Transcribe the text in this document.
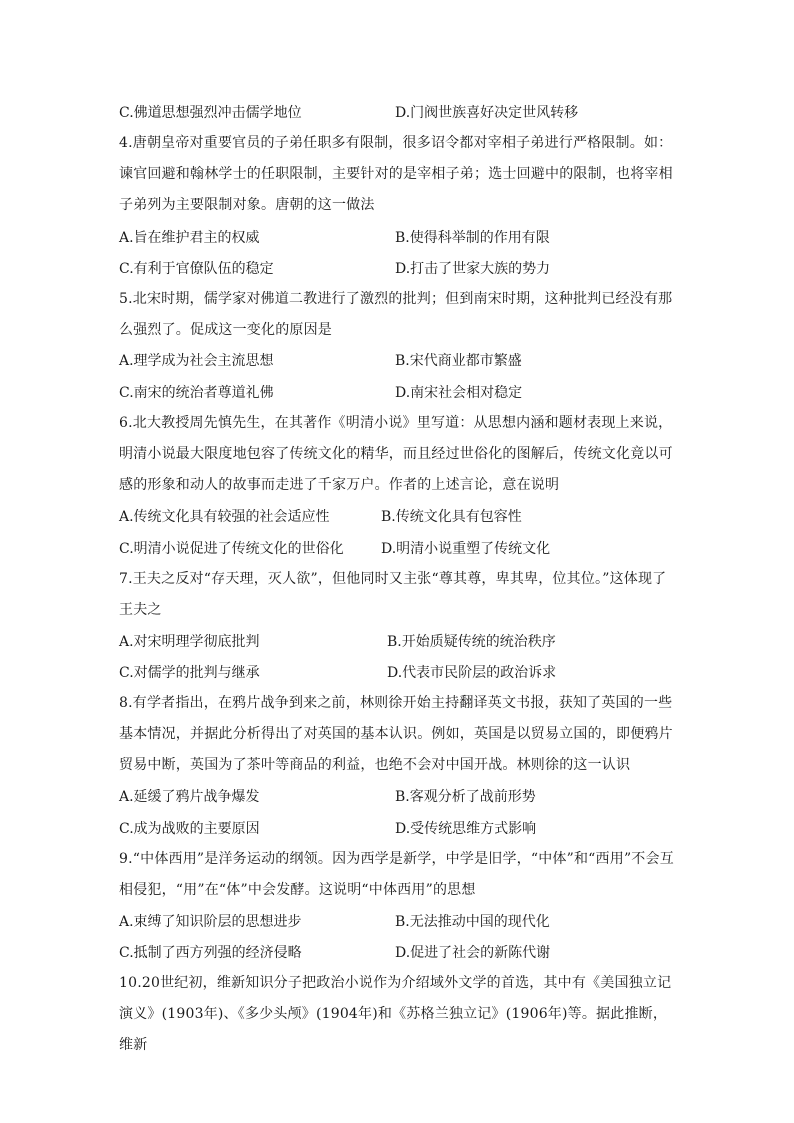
C.佛道思想强烈冲击儒学地位	D.门阀世族喜好决定世风转移
4.唐朝皇帝对重要官员的子弟任职多有限制，很多诏令都对宰相子弟进行严格限制。如：谏官回避和翰林学士的任职限制，主要针对的是宰相子弟；选士回避中的限制，也将宰相子弟列为主要限制对象。唐朝的这一做法
A.旨在维护君主的权威	B.使得科举制的作用有限
C.有利于官僚队伍的稳定	D.打击了世家大族的势力
5.北宋时期，儒学家对佛道二教进行了激烈的批判；但到南宋时期，这种批判已经没有那么强烈了。促成这一变化的原因是
A.理学成为社会主流思想	B.宋代商业都市繁盛
C.南宋的统治者尊道礼佛	D.南宋社会相对稳定
6.北大教授周先慎先生，在其著作《明清小说》里写道：从思想内涵和题材表现上来说，明清小说最大限度地包容了传统文化的精华，而且经过世俗化的图解后，传统文化竟以可感的形象和动人的故事而走进了千家万户。作者的上述言论，意在说明
A.传统文化具有较强的社会适应性	B.传统文化具有包容性
C.明清小说促进了传统文化的世俗化	D.明清小说重塑了传统文化
7.王夫之反对“存天理，灭人欲”，但他同时又主张“尊其尊，卑其卑，位其位。”这体现了王夫之
A.对宋明理学彻底批判	B.开始质疑传统的统治秩序
C.对儒学的批判与继承	D.代表市民阶层的政治诉求
8.有学者指出，在鸦片战争到来之前，林则徐开始主持翻译英文书报，获知了英国的一些基本情况，并据此分析得出了对英国的基本认识。例如，英国是以贸易立国的，即便鸦片贸易中断，英国为了茶叶等商品的利益，也绝不会对中国开战。林则徐的这一认识
A.延缓了鸦片战争爆发	B.客观分析了战前形势
C.成为战败的主要原因	D.受传统思维方式影响
9.“中体西用”是洋务运动的纲领。因为西学是新学，中学是旧学，“中体”和“西用”不会互相侵犯，“用”在“体”中会发酵。这说明“中体西用”的思想
A.束缚了知识阶层的思想进步	B.无法推动中国的现代化
C.抵制了西方列强的经济侵略	D.促进了社会的新陈代谢
10.20世纪初，维新知识分子把政治小说作为介绍域外文学的首选，其中有《美国独立记演义》(1903年)、《多少头颅》(1904年)和《苏格兰独立记》(1906年)等。据此推断，维新
